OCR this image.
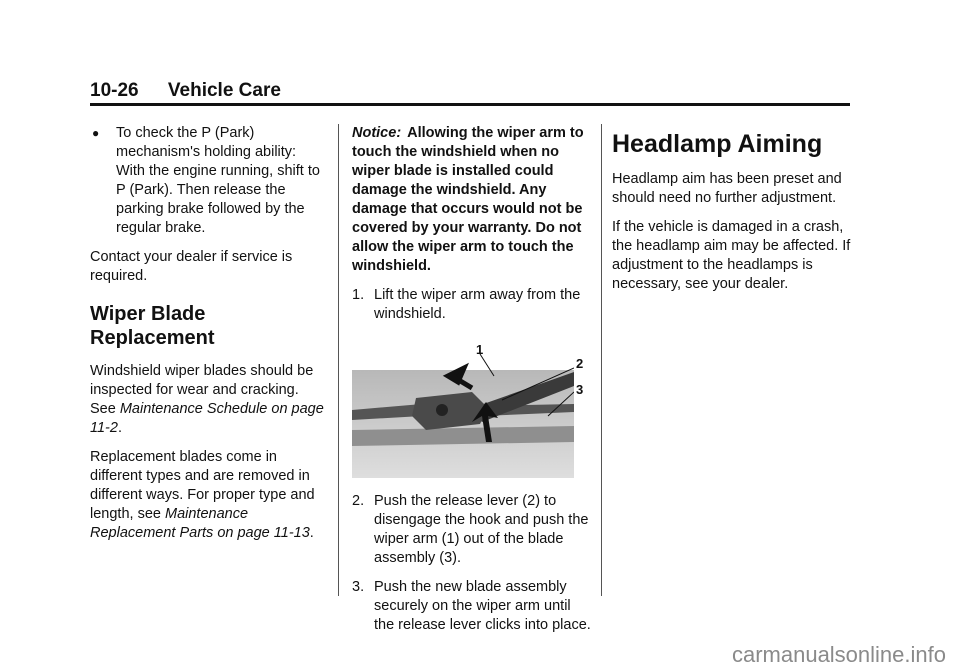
10-26 Vehicle Care
●	To check the P (Park) mechanism's holding ability: With the engine running, shift to P (Park). Then release the parking brake followed by the regular brake.

Contact your dealer if service is required.

Wiper Blade Replacement

Windshield wiper blades should be inspected for wear and cracking. See Maintenance Schedule on page 11-2.

Replacement blades come in different types and are removed in different ways. For proper type and length, see Maintenance Replacement Parts on page 11-13.

Notice: Allowing the wiper arm to touch the windshield when no wiper blade is installed could damage the windshield. Any damage that occurs would not be covered by your warranty. Do not allow the wiper arm to touch the windshield.

1. Lift the wiper arm away from the windshield.
1
2
3
2. Push the release lever (2) to disengage the hook and push the wiper arm (1) out of the blade assembly (3).
3. Push the new blade assembly securely on the wiper arm until the release lever clicks into place.
Headlamp Aiming

Headlamp aim has been preset and should need no further adjustment.

If the vehicle is damaged in a crash, the headlamp aim may be affected. If adjustment to the headlamps is necessary, see your dealer.

carmanualsonline.info
